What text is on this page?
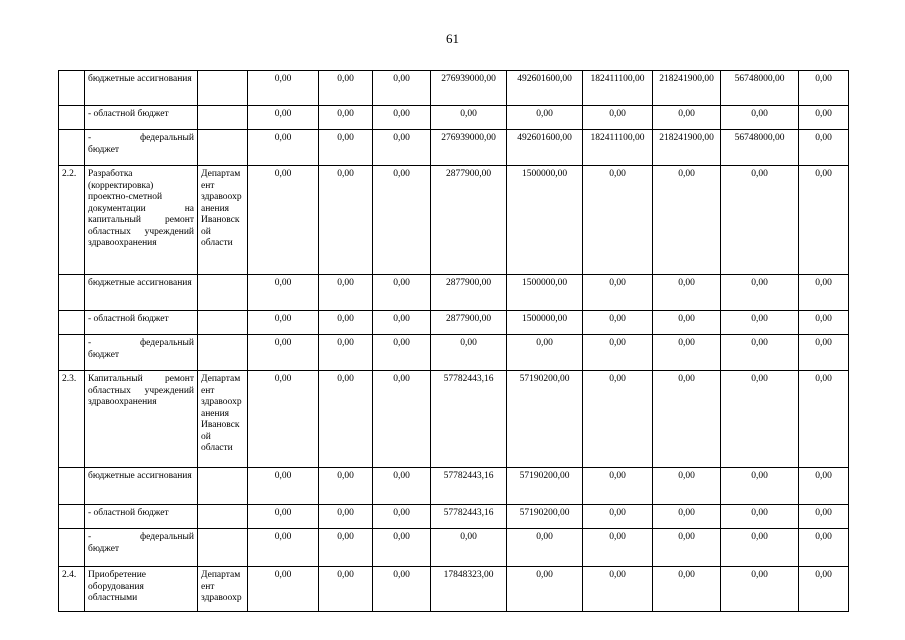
61
	бюджетные ассигнования		0,00	0,00	0,00	276939000,00	492601600,00	182411100,00	218241900,00	56748000,00	0,00
	- областной бюджет		0,00	0,00	0,00	0,00	0,00	0,00	0,00	0,00	0,00

	- федеральный
бюджет		0,00	0,00	0,00	276939000,00	492601600,00	182411100,00	218241900,00	56748000,00	0,00
2.2.	Разработка (корректировка) проектно-сметной документации на капитальный ремонт областных учреждений здравоохранения	Департам ент здравоохр анения Ивановск ой области	0,00	0,00	0,00	2877900,00	1500000,00	0,00	0,00	0,00	0,00
	бюджетные ассигнования		0,00	0,00	0,00	2877900,00	1500000,00	0,00	0,00	0,00	0,00
	- областной бюджет		0,00	0,00	0,00	2877900,00	1500000,00	0,00	0,00	0,00	0,00

	- федеральный
бюджет		0,00	0,00	0,00	0,00	0,00	0,00	0,00	0,00	0,00
2.3.	Капитальный ремонт областных учреждений здравоохранения	Департам ент здравоохр анения Ивановск ой области	0,00	0,00	0,00	57782443,16	57190200,00	0,00	0,00	0,00	0,00
	бюджетные ассигнования		0,00	0,00	0,00	57782443,16	57190200,00	0,00	0,00	0,00	0,00
	- областной бюджет		0,00	0,00	0,00	57782443,16	57190200,00	0,00	0,00	0,00	0,00

	- федеральный
бюджет		0,00	0,00	0,00	0,00	0,00	0,00	0,00	0,00	0,00
2.4.	Приобретение оборудования областными	Департам ент здравоохр	0,00	0,00	0,00	17848323,00	0,00	0,00	0,00	0,00	0,00
